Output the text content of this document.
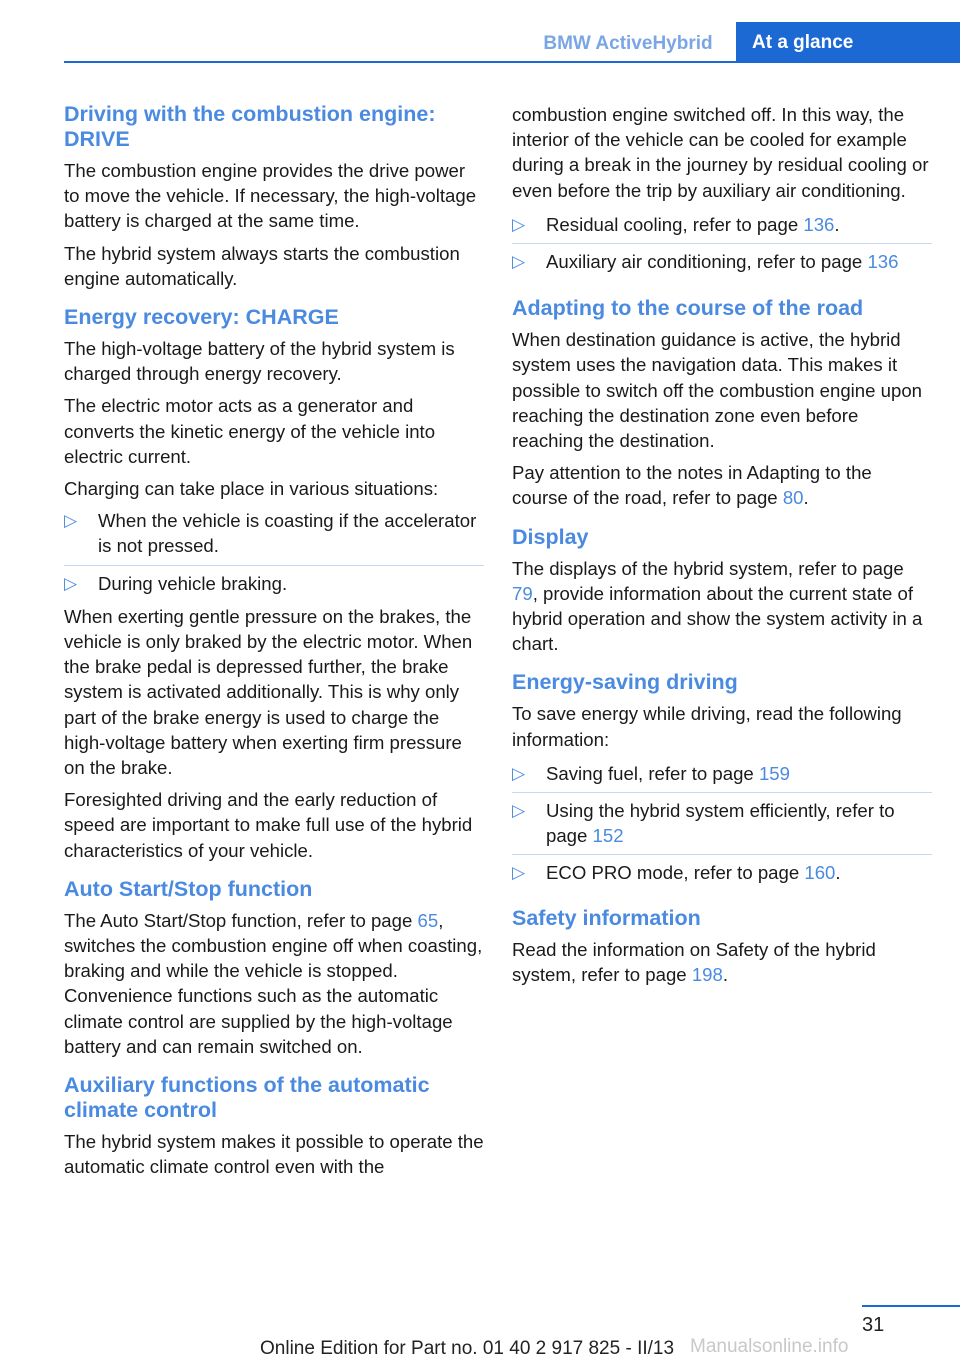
BMW ActiveHybrid	At a glance
Driving with the combustion engine: DRIVE

The combustion engine provides the drive power to move the vehicle. If necessary, the high-voltage battery is charged at the same time.

The hybrid system always starts the combustion engine automatically.

Energy recovery: CHARGE

The high-voltage battery of the hybrid system is charged through energy recovery.

The electric motor acts as a generator and converts the kinetic energy of the vehicle into electric current.

Charging can take place in various situations:

▷ When the vehicle is coasting if the accelerator is not pressed.
▷ During vehicle braking.

When exerting gentle pressure on the brakes, the vehicle is only braked by the electric motor. When the brake pedal is depressed further, the brake system is activated additionally. This is why only part of the brake energy is used to charge the high-voltage battery when exerting firm pressure on the brake.

Foresighted driving and the early reduction of speed are important to make full use of the hybrid characteristics of your vehicle.

Auto Start/Stop function

The Auto Start/Stop function, refer to page 65, switches the combustion engine off when coasting, braking and while the vehicle is stopped. Convenience functions such as the automatic climate control are supplied by the high-voltage battery and can remain switched on.

Auxiliary functions of the automatic climate control

The hybrid system makes it possible to operate the automatic climate control even with the

combustion engine switched off. In this way, the interior of the vehicle can be cooled for example during a break in the journey by residual cooling or even before the trip by auxiliary air conditioning.

▷ Residual cooling, refer to page 136.
▷ Auxiliary air conditioning, refer to page 136
Adapting to the course of the road

When destination guidance is active, the hybrid system uses the navigation data. This makes it possible to switch off the combustion engine upon reaching the destination zone even before reaching the destination.

Pay attention to the notes in Adapting to the course of the road, refer to page 80.

Display

The displays of the hybrid system, refer to page 79, provide information about the current state of hybrid operation and show the system activity in a chart.

Energy-saving driving

To save energy while driving, read the following information:

▷ Saving fuel, refer to page 159
▷ Using the hybrid system efficiently, refer to page 152
▷ ECO PRO mode, refer to page 160.
Safety information

Read the information on Safety of the hybrid system, refer to page 198.

31
Online Edition for Part no. 01 40 2 917 825 - II/13 Manualsonline.info
